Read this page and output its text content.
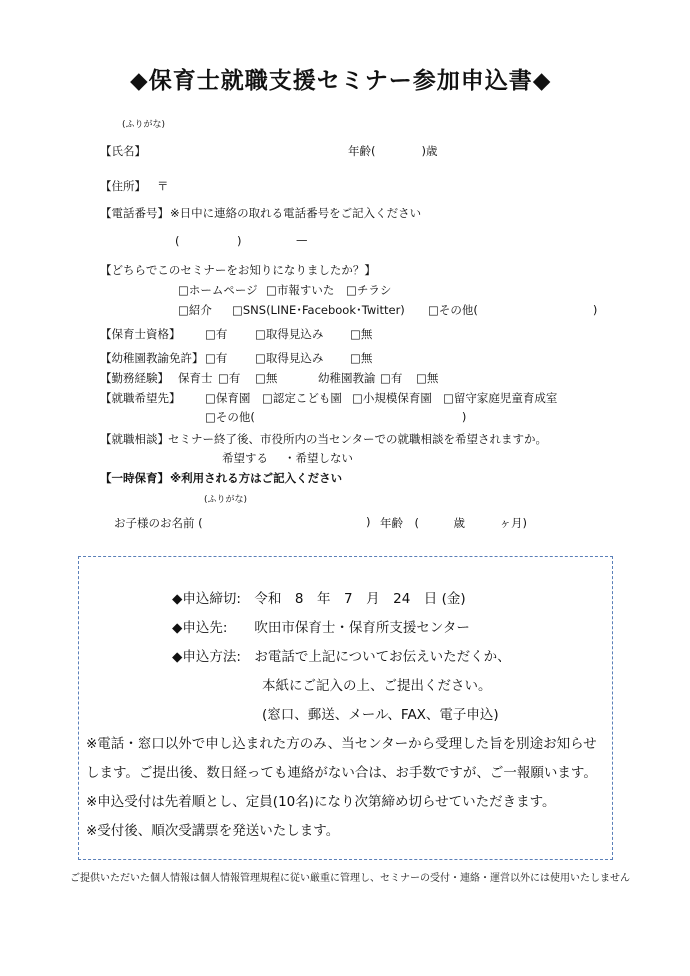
◆保育士就職支援セミナー参加申込書◆
(ふりがな)
【氏名】	年齢(　　　　)歳
【住所】 〒
【電話番号】 ※日中に連絡の取れる電話番号をご記入ください
(　　　　　)	—
【どちらでこのセミナーをお知りになりましたか？】
□ホームページ □市報すいた □チラシ
□紹介 □SNS(LINE･Facebook･Twitter) □その他(　　　　　　　　　　)
【保育士資格】 □有 □取得見込み □無
【幼稚園教諭免許】 □有 □取得見込み □無
【勤務経験】 保育士 □有 □無	幼稚園教諭 □有 □無
【就職希望先】 □保育園 □認定こども園 □小規模保育園 □留守家庭児童育成室
□その他(　　　　　　　　　　　　　　　　　　)
【就職相談】 セミナー終了後、市役所内の当センターでの就職相談を希望されますか。
希望する ・希望しない
【一時保育】 ※利用される方はご記入ください
(ふりがな)
お子様のお名前 (	) 年齢　(　　　歳　　　ヶ月)
◆申込締切:　令和　8　年　7　月　24　日 (金)
◆申込先:　　吹田市保育士・保育所支援センター
◆申込方法:　お電話で上記についてお伝えいただくか、
本紙にご記入の上、ご提出ください。
(窓口、郵送、メール、FAX、電子申込)
※電話・窓口以外で申し込まれた方のみ、当センターから受理した旨を別途お知らせ
します。ご提出後、数日経っても連絡がない合は、お手数ですが、ご一報願います。
※申込受付は先着順とし、定員(10名)になり次第締め切らせていただきます。
※受付後、順次受講票を発送いたします。
ご提供いただいた個人情報は個人情報管理規程に従い厳重に管理し、セミナーの受付・連絡・運営以外には使用いたしません
